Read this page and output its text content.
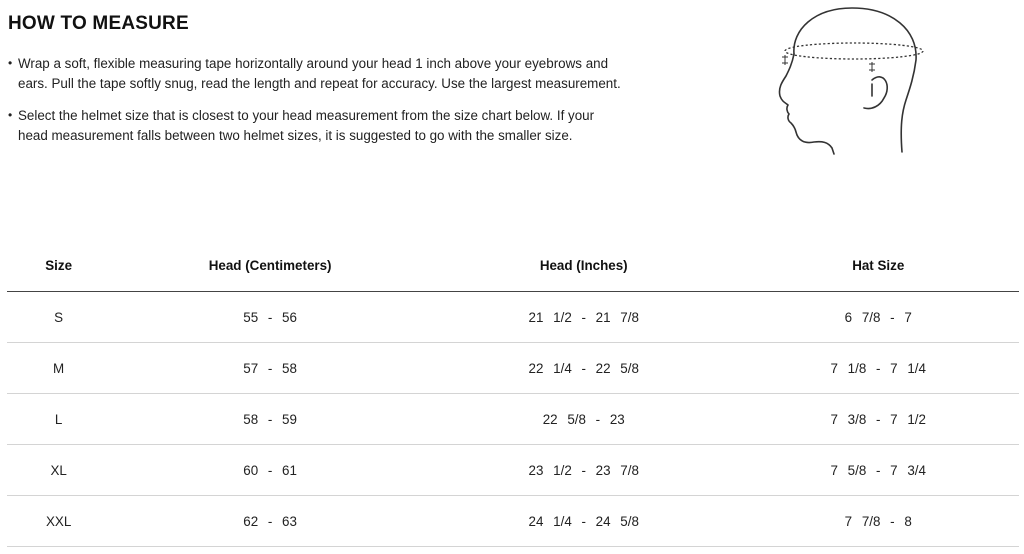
HOW TO MEASURE
• Wrap a soft, flexible measuring tape horizontally around your head 1 inch above your eyebrows and
ears. Pull the tape softly snug, read the length and repeat for accuracy. Use the largest measurement.
• Select the helmet size that is closest to your head measurement from the size chart below. If your
head measurement falls between two helmet sizes, it is suggested to go with the smaller size.
Size	Head (Centimeters)	Head (Inches)	Hat Size
S	55 - 56	21 1/2 - 21 7/8	6 7/8 - 7
M	57 - 58	22 1/4 - 22 5/8	7 1/8 - 7 1/4
L	58 - 59	22 5/8 - 23	7 3/8 - 7 1/2
XL	60 - 61	23 1/2 - 23 7/8	7 5/8 - 7 3/4
XXL	62 - 63	24 1/4 - 24 5/8	7 7/8 - 8
